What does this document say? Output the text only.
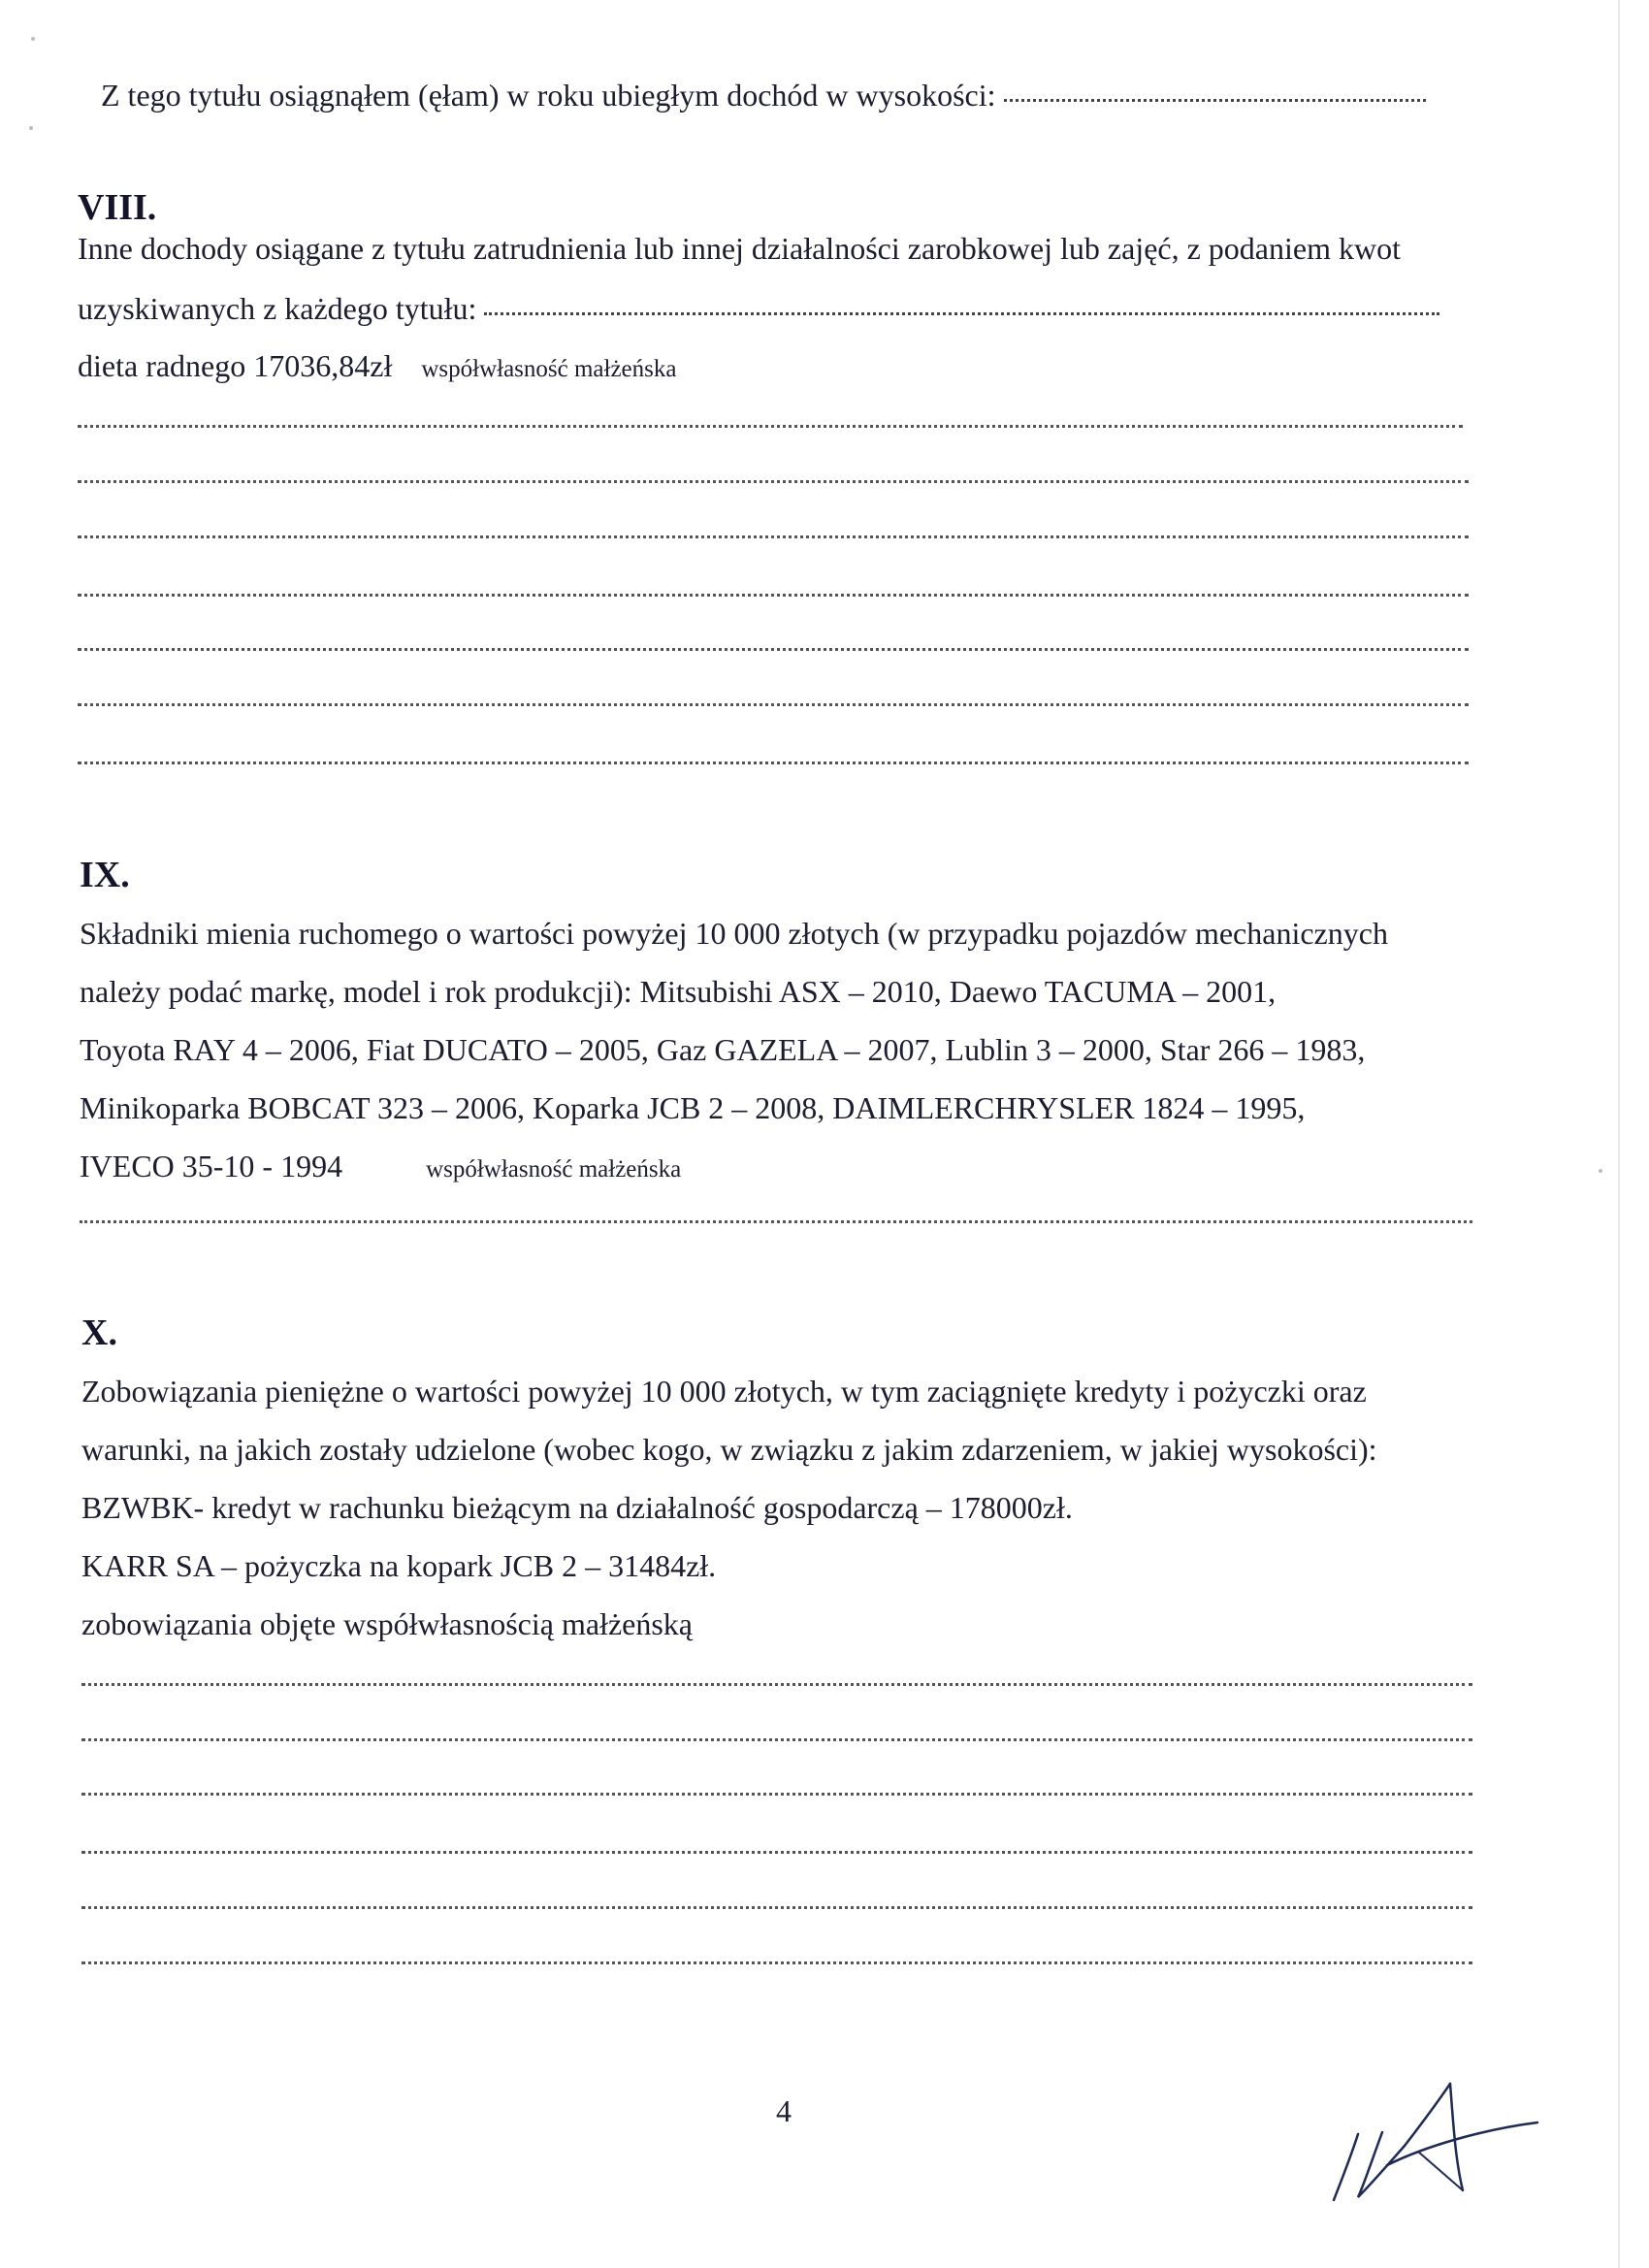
Z tego tytułu osiągnąłem (ęłam) w roku ubiegłym dochód w wysokości:
VIII.
Inne dochody osiągane z tytułu zatrudnienia lub innej działalności zarobkowej lub zajęć, z podaniem kwot
uzyskiwanych z każdego tytułu:
dieta radnego 17036,84zł współwłasność małżeńska
IX.
Składniki mienia ruchomego o wartości powyżej 10 000 złotych (w przypadku pojazdów mechanicznych
należy podać markę, model i rok produkcji): Mitsubishi ASX – 2010, Daewo TACUMA – 2001,
Toyota RAY 4 – 2006, Fiat DUCATO – 2005, Gaz GAZELA – 2007, Lublin 3 – 2000, Star 266 – 1983,
Minikoparka BOBCAT 323 – 2006, Koparka JCB 2 – 2008, DAIMLERCHRYSLER 1824 – 1995,
IVECO 35-10 - 1994	współwłasność małżeńska
X.
Zobowiązania pieniężne o wartości powyżej 10 000 złotych, w tym zaciągnięte kredyty i pożyczki oraz
warunki, na jakich zostały udzielone (wobec kogo, w związku z jakim zdarzeniem, w jakiej wysokości):
BZWBK- kredyt w rachunku bieżącym na działalność gospodarczą – 178000zł.
KARR SA – pożyczka na kopark JCB 2 – 31484zł.
zobowiązania objęte współwłasnością małżeńską
4
